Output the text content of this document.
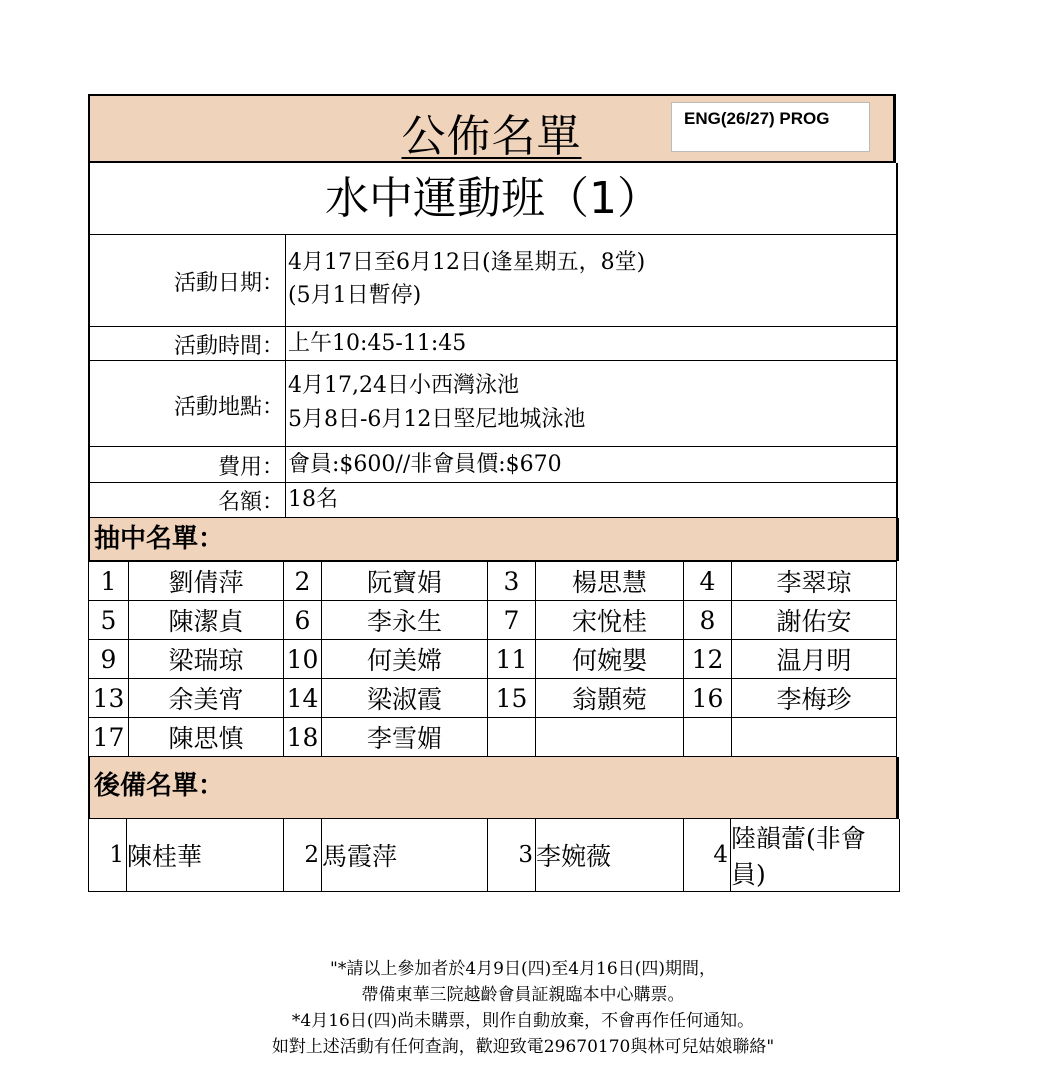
公佈名單	ENG(26/27) PROG
水中運動班（1）
活動日期：
4月17日至6月12日(逢星期五，8堂)
(5月1日暫停)
活動時間： 上午10:45-11:45
活動地點：
4月17,24日小西灣泳池
5月8日-6月12日堅尼地城泳池
費用： 會員:$600//非會員價:$670
名額： 18名
抽中名單：
1	劉倩萍	2	阮寶娟	3	楊思慧	4	李翠琼
5	陳潔貞	6	李永生	7	宋悅桂	8	謝佑安
9	梁瑞琼	10	何美嫦	11	何婉嬰	12	温月明
13	余美宵	14	梁淑霞	15	翁顥菀	16	李梅珍
17	陳思慎	18	李雪媚				
後備名單：
1	陳桂華	2	馬霞萍	3	李婉薇	4	陸韻蕾(非會員)
"*請以上參加者於4月9日(四)至4月16日(四)期間，
帶備東華三院越齡會員証親臨本中心購票。
*4月16日(四)尚未購票，則作自動放棄，不會再作任何通知。
如對上述活動有任何查詢，歡迎致電29670170與林可兒姑娘聯絡"
